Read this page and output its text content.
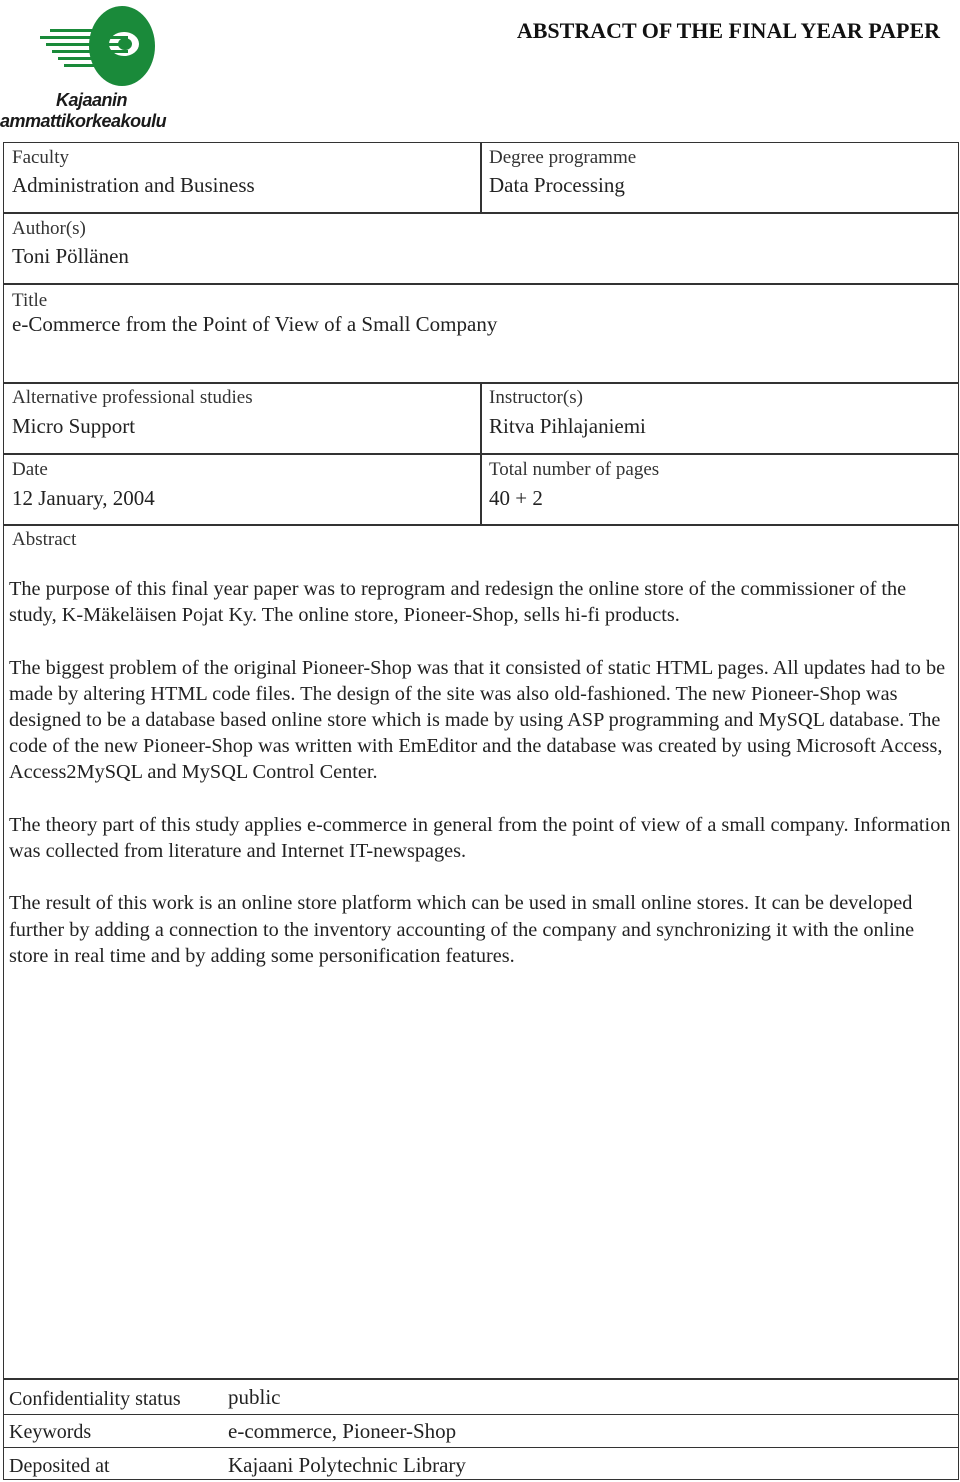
Kajaanin
ammattikorkeakoulu
ABSTRACT OF THE FINAL YEAR PAPER
Faculty
Administration and Business
Degree programme
Data Processing
Author(s)
Toni Pöllänen
Title
e-Commerce from the Point of View of a Small Company
Alternative professional studies
Micro Support
Instructor(s)
Ritva Pihlajaniemi
Date
12 January, 2004
Total number of pages
40 + 2
Abstract

The purpose of this final year paper was to reprogram and redesign the online store of the commissioner of the study, K-Mäkeläisen Pojat Ky. The online store, Pioneer-Shop, sells hi-fi products.

The biggest problem of the original Pioneer-Shop was that it consisted of static HTML pages. All updates had to be made by altering HTML code files. The design of the site was also old-fashioned. The new Pioneer-Shop was designed to be a database based online store which is made by using ASP programming and MySQL database. The code of the new Pioneer-Shop was written with EmEditor and the database was created by using Microsoft Access, Access2MySQL and MySQL Control Center.

The theory part of this study applies e-commerce in general from the point of view of a small company. Information was collected from literature and Internet IT-newspages.

The result of this work is an online store platform which can be used in small online stores. It can be developed further by adding a connection to the inventory accounting of the company and synchronizing it with the online store in real time and by adding some personification features.

Confidentiality status public
Keywords	e-commerce, Pioneer-Shop
Deposited at	Kajaani Polytechnic Library
